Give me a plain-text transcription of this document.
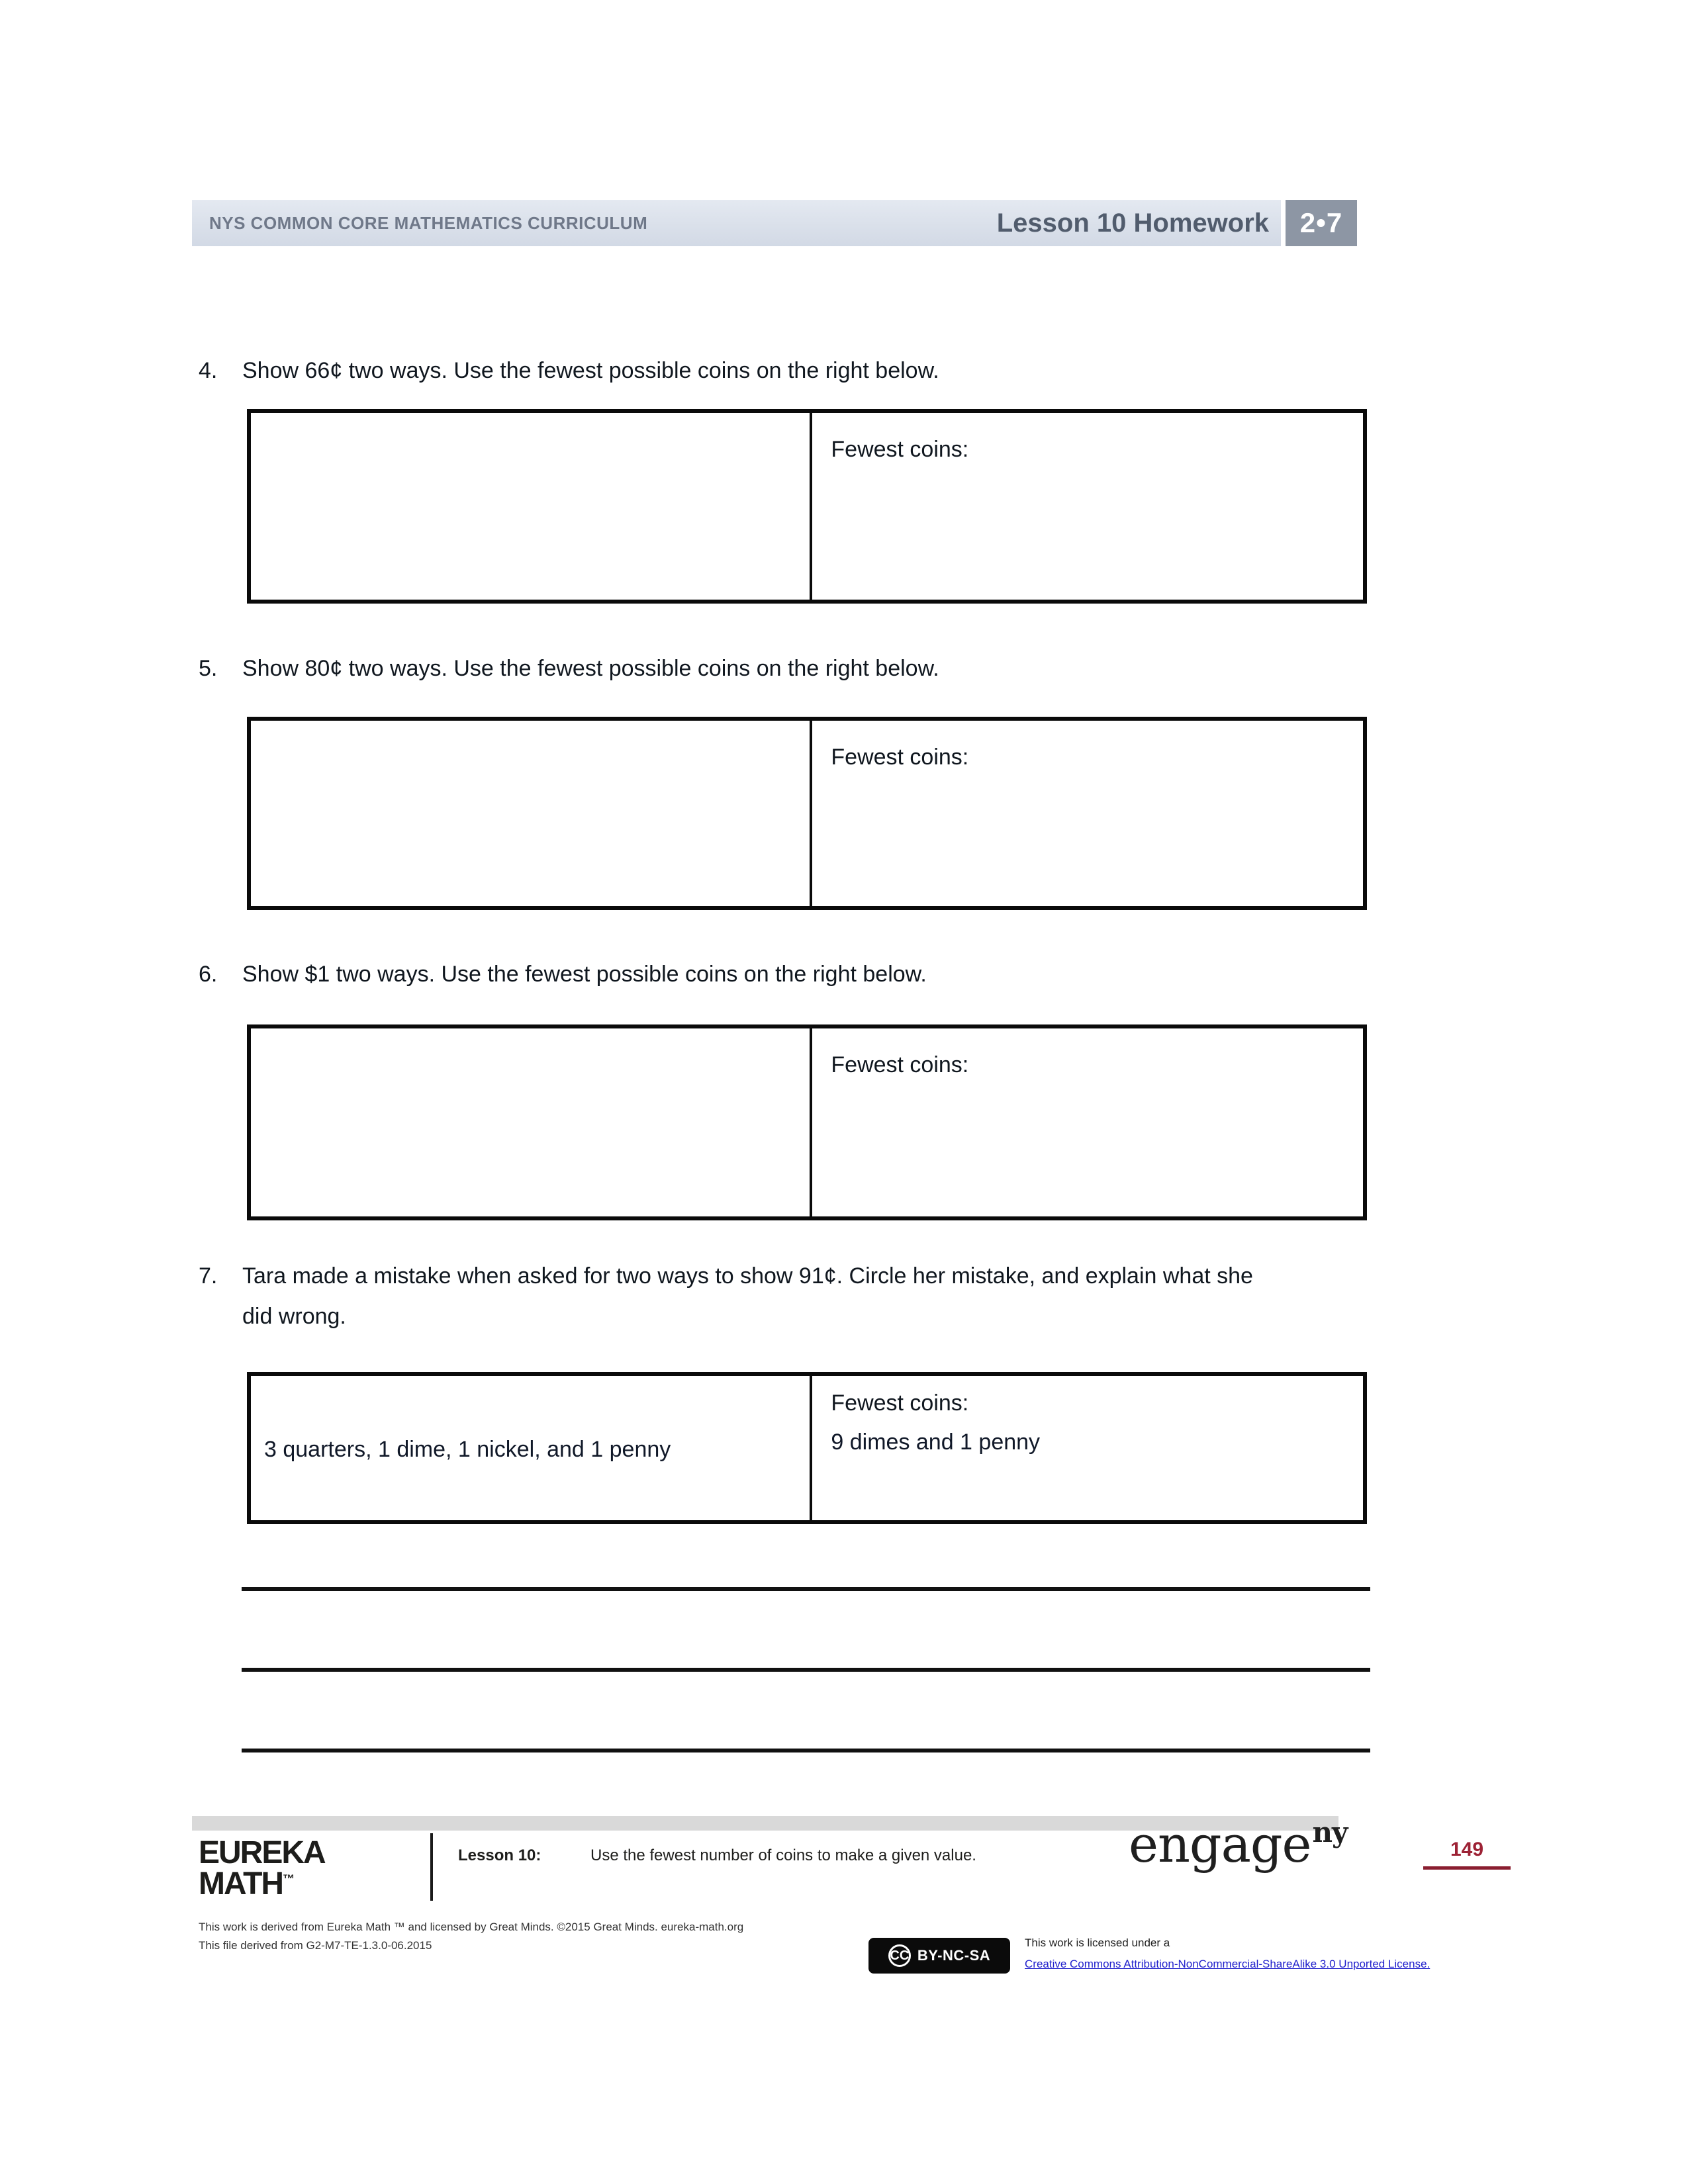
NYS COMMON CORE MATHEMATICS CURRICULUM	Lesson 10 Homework	2•7
4.	Show 66¢ two ways. Use the fewest possible coins on the right below.
Fewest coins:
5.	Show 80¢ two ways. Use the fewest possible coins on the right below.
Fewest coins:
6.	Show $1 two ways. Use the fewest possible coins on the right below.
Fewest coins:
7.	Tara made a mistake when asked for two ways to show 91¢. Circle her mistake, and explain what she did wrong.
3 quarters, 1 dime, 1 nickel, and 1 penny
Fewest coins:
9 dimes and 1 penny
EUREKA
MATH™
Lesson 10:	Use the fewest number of coins to make a given value.	engage$^{ny}$
149
This work is derived from Eureka Math ™ and licensed by Great Minds. ©2015 Great Minds. eureka-math.org
This file derived from G2-M7-TE-1.3.0-06.2015
CC BY-NC-SA
This work is licensed under a
Creative Commons Attribution-NonCommercial-ShareAlike 3.0 Unported License.
